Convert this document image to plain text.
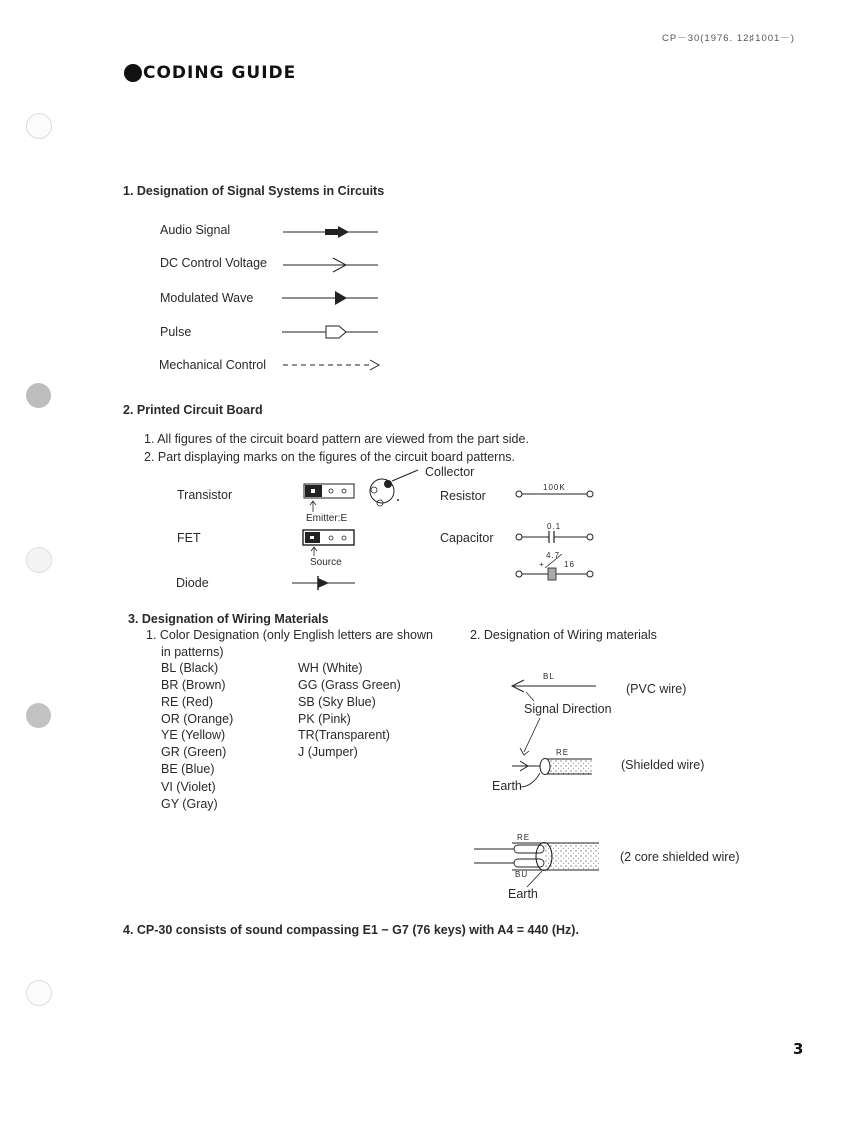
CP－30(1976. 12♯1001－)
CODING GUIDE
1. Designation of Signal Systems in Circuits
Audio Signal
DC Control Voltage
Modulated Wave
Pulse
Mechanical Control
2. Printed Circuit Board
1. All figures of the circuit board pattern are viewed from the part side.
2. Part displaying marks on the figures of the circuit board patterns.
Transistor
Collector
Emitter:E
FET
Source
Diode
Resistor
100K
Capacitor
0.1
4.7
+ 16
3. Designation of Wiring Materials
1. Color Designation (only English letters are shown
in patterns)
BL (Black)
BR (Brown)
RE (Red)
OR (Orange)
YE (Yellow)
GR (Green)
BE (Blue)
VI (Violet)
GY (Gray)
WH (White)
GG (Grass Green)
SB (Sky Blue)
PK (Pink)
TR(Transparent)
J (Jumper)
2. Designation of Wiring materials
BL
(PVC wire)
Signal Direction
RE
(Shielded wire)
Earth
RE
BU
(2 core shielded wire)
Earth
4. CP-30 consists of sound compassing E1 − G7 (76 keys) with A4 = 440 (Hz).
3
